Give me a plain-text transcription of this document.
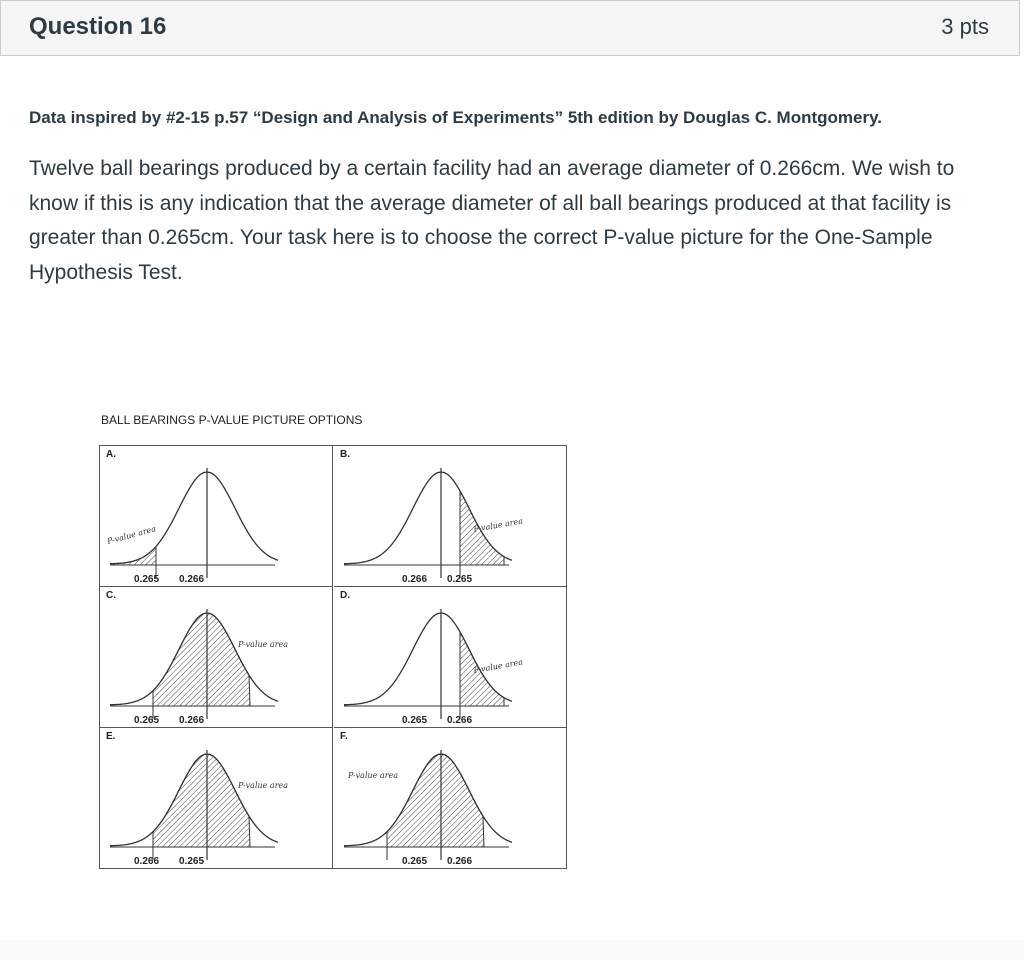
Question 16	3 pts
Data inspired by #2-15 p.57 “Design and Analysis of Experiments” 5th edition by Douglas C. Montgomery.
Twelve ball bearings produced by a certain facility had an average diameter of 0.266cm. We wish to know if this is any indication that the average diameter of all ball bearings produced at that facility is greater than 0.265cm. Your task here is to choose the correct P-value picture for the One-Sample Hypothesis Test.
BALL BEARINGS P-VALUE PICTURE OPTIONS
P-value area
A.
0.265 0.266
P-value area
B.
0.266 0.265
P-value area
C.
0.265 0.266
P-value area
D.
0.265 0.266
P-value area
E.
0.266 0.265
P-value area
F.
0.265 0.266
